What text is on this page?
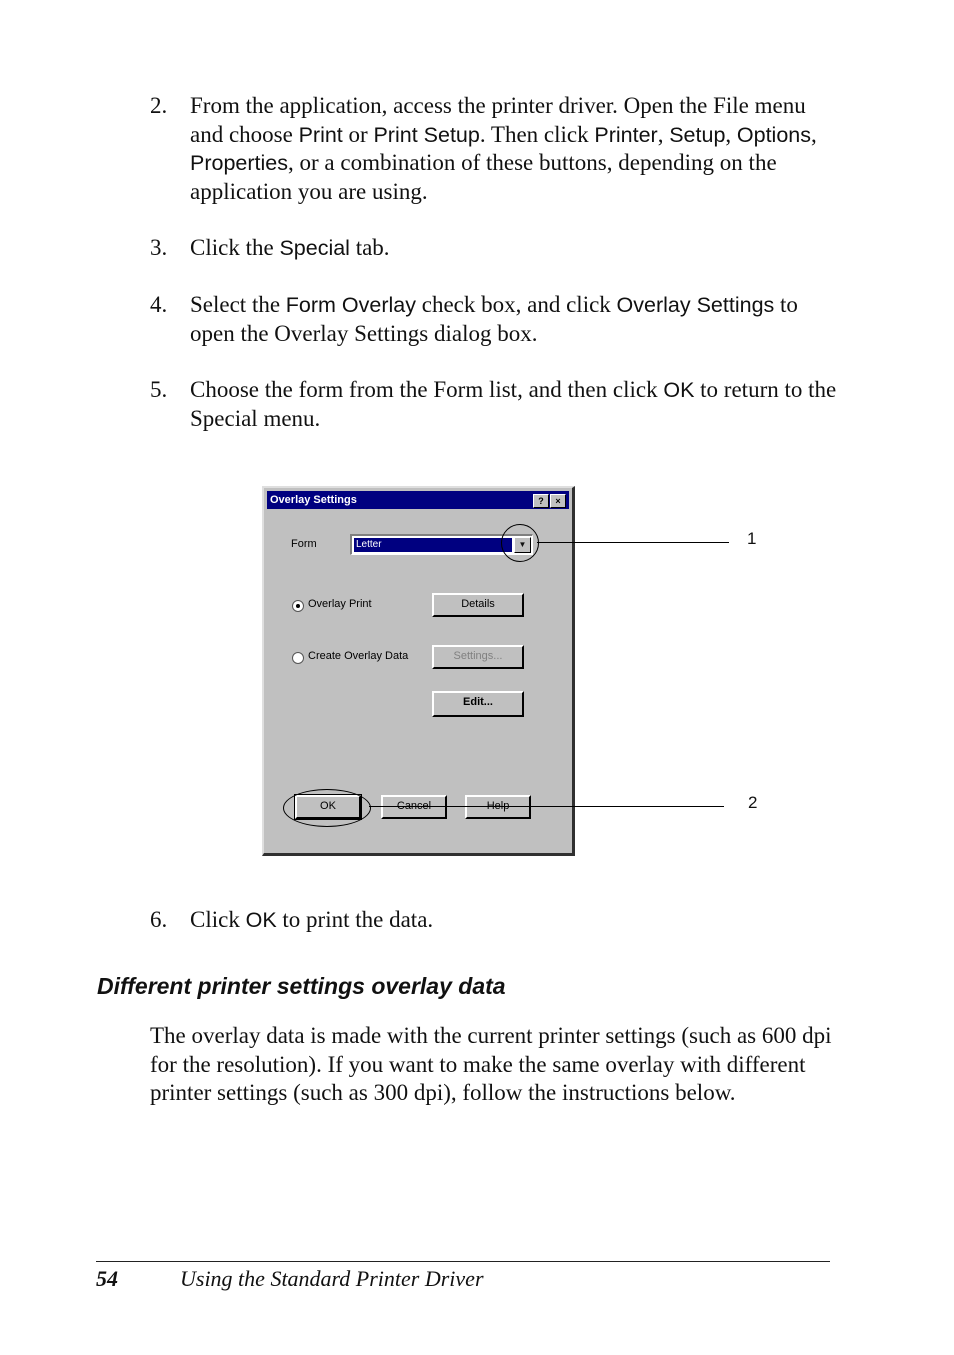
2. From the application, access the printer driver. Open the File menu and choose Print or Print Setup. Then click Printer, Setup, Options, Properties, or a combination of these buttons, depending on the application you are using.
3. Click the Special tab.
4. Select the Form Overlay check box, and click Overlay Settings to open the Overlay Settings dialog box.
5. Choose the form from the Form list, and then click OK to return to the Special menu.
Overlay Settings	?	×
Form	Letter	▼
Overlay Print	Details
Create Overlay Data	Settings...
Edit...
OK	Cancel	Help
1
2
6. Click OK to print the data.
Different printer settings overlay data
The overlay data is made with the current printer settings (such as 600 dpi for the resolution). If you want to make the same overlay with different printer settings (such as 300 dpi), follow the instructions below.
54	Using the Standard Printer Driver
